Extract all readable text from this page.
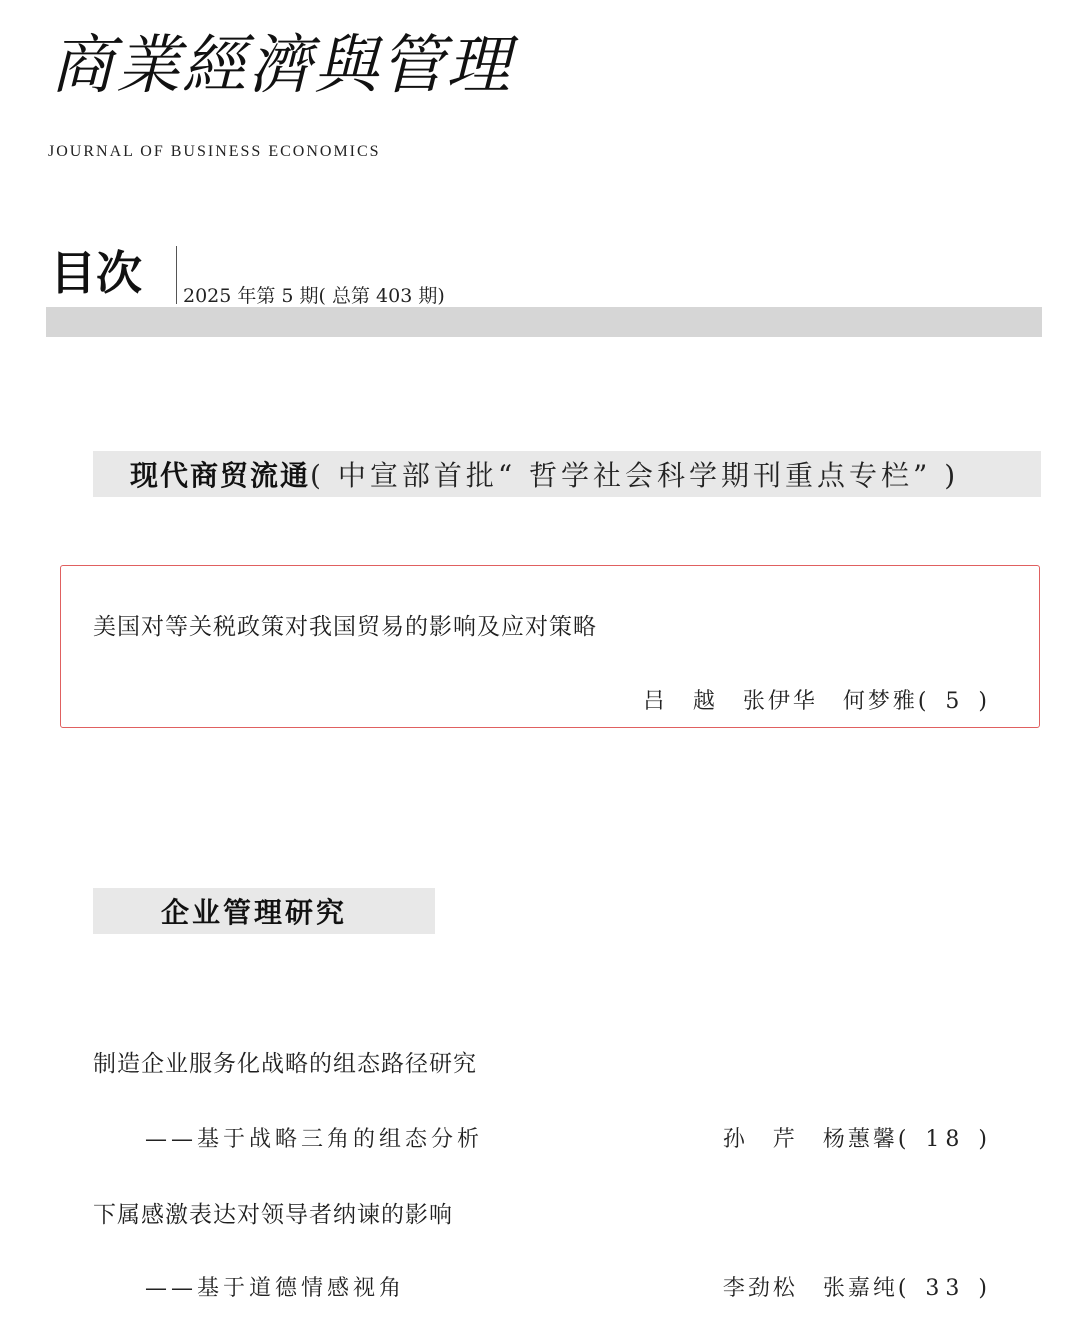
商業經濟與管理
JOURNAL OF BUSINESS ECONOMICS
目次 2025 年第 5 期( 总第 403 期)
现代商贸流通 ( 中宣部首批“ 哲学社会科学期刊重点专栏” )
美国对等关税政策对我国贸易的影响及应对策略
吕　越　张伊华　何梦雅( 5 )
企业管理研究
制造企业服务化战略的组态路径研究
——基于战略三角的组态分析	孙　芹　杨蕙馨( 18 )
下属感激表达对领导者纳谏的影响
——基于道德情感视角	李劲松　张嘉纯( 33 )
